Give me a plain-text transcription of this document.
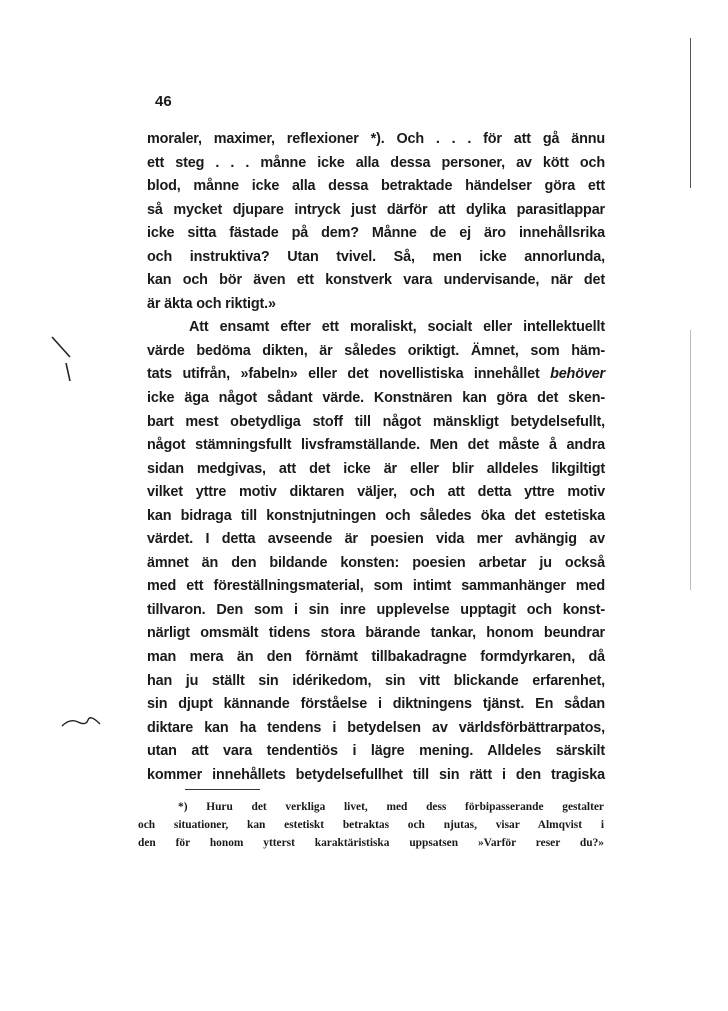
46
moraler, maximer, reflexioner *). Och . . . för att gå ännu
ett steg . . . månne icke alla dessa personer, av kött och
blod, månne icke alla dessa betraktade händelser göra ett
så mycket djupare intryck just därför att dylika parasitlappar
icke sitta fästade på dem? Månne de ej äro innehållsrika
och instruktiva? Utan tvivel. Så, men icke annorlunda,
kan och bör även ett konstverk vara undervisande, när det
är äkta och riktigt.»
Att ensamt efter ett moraliskt, socialt eller intellektuellt
värde bedöma dikten, är således oriktigt. Ämnet, som häm-
tats utifrån, »fabeln» eller det novellistiska innehållet behöver
icke äga något sådant värde. Konstnären kan göra det sken-
bart mest obetydliga stoff till något mänskligt betydelsefullt,
något stämningsfullt livsframställande. Men det måste å andra
sidan medgivas, att det icke är eller blir alldeles likgiltigt
vilket yttre motiv diktaren väljer, och att detta yttre motiv
kan bidraga till konstnjutningen och således öka det estetiska
värdet. I detta avseende är poesien vida mer avhängig av
ämnet än den bildande konsten: poesien arbetar ju också
med ett föreställningsmaterial, som intimt sammanhänger med
tillvaron. Den som i sin inre upplevelse upptagit och konst-
närligt omsmält tidens stora bärande tankar, honom beundrar
man mera än den förnämt tillbakadragne formdyrkaren, då
han ju ställt sin idérikedom, sin vitt blickande erfarenhet,
sin djupt kännande förståelse i diktningens tjänst. En sådan
diktare kan ha tendens i betydelsen av världsförbättrarpatos,
utan att vara tendentiös i lägre mening. Alldeles särskilt
kommer innehållets betydelsefullhet till sin rätt i den tragiska
*) Huru det verkliga livet, med dess förbipasserande gestalter
och situationer, kan estetiskt betraktas och njutas, visar Almqvist i
den för honom ytterst karaktäristiska uppsatsen »Varför reser du?»
